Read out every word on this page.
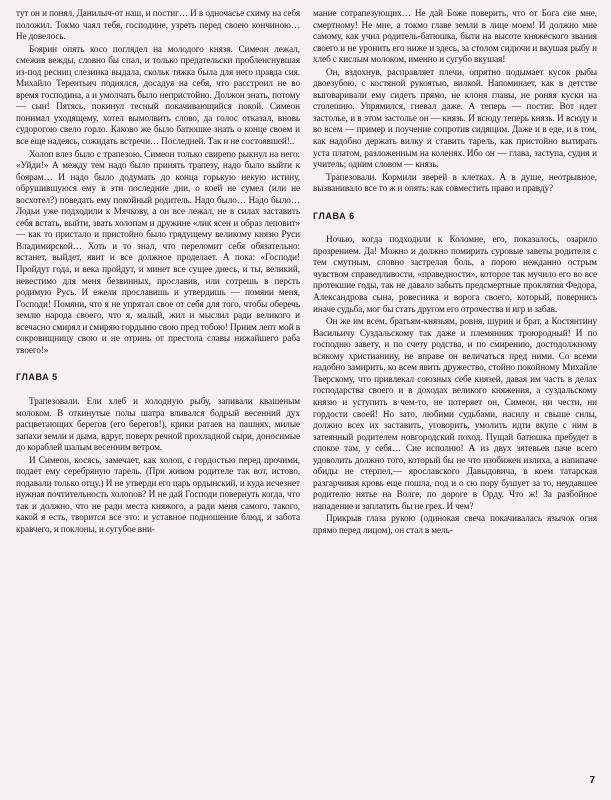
тут он и понял, Данилыч-от наш, и постиг… И в одночасье схиму на себя положил. Токмо чаял тебя, господине, узреть перед своею кончиною… Не довелось.

Боярин опять косо поглядел на молодого князя. Симеон лежал, смежив вежды, словно бы спал, и только предательски пробленснувшая из-под ресниц слезинка выдала, скольк тяжка была для него правда сия. Михайло Терентьич поднялся, досадуя на себя, что расстроил не во время господина, а и умолчать было непристойно. Должон знать, потому — сын! Пятясь, покинул тесный покачивающийся покой. Симеон понимал уходящему, хотел вымолвить слово, да голос отказал, вновь судорогою свело горло. Каково же было батюшке знать о конце своем и все еще надеясь, сожидать встречи… Последней. Так и не состоявшей!..

Холоп влез было с трапезою. Симеон только свирепо рыкнул на него: «Уйди!» А между тем надо было принять трапезу, надо было выйти к боярам… И надо было додумать до конца горькую некую истину, обрушившуюся ему в эти последние дни, о коей не сумел (или не восхотел?) поведать ему покойный родитель. Надо было… Надо было… Лодьи уже подходили к Мячкову, а он все лежал, не в силах заставить себя встать, выйти, звать холопам и дружине «лик ясен и образ леповит» — как то пристало и пристойно было грядущему великому князю Руси Владимирской… Хоть и то знал, что переломит себя обязательно: встанет, выйдет, явит и все должное проделает. А пока: «Господи! Пройдут года, и века пройдут, и минет все сущее днесь, и ты, великий, невестимо для меня безвинных, прославив, или сотрешь в персть родимую Русь. И ежели прославишь и утвердишь — помяни меня, Господи! Помяни, что я не упрятал свое от себя для того, чтобы оберечь землю народа своего, что я, малый, жил и мыслил ради великого и всечасно смирял и смиряю гордыню свою пред тобою! Приим лепт мой в сокровищницу свою и не отринь от престола славы нижайшего раба твоего!»

ГЛАВА 5

Трапезовали. Ели хлеб и холодную рыбу, запивали квашеным молоком. В откинутые полы шатра вливался бодрый весенний дух расцветающих берегов (его берегов!), крики ратаев на пашнях, милые запахи земли и дыма, вдруг, поверх речной прохладной сыри, доносимые до кораблей шалым весенним ветром.

И Симеон, косясь, замечает, как холоп, с гордостью перед прочими, подает ему серебряную тарель. (При живом родителе так вот, истово, подавали только отцу.) И не утверди его царь ордынский, и куда исчезнет нужная почтительность холопов? И не дай Господи повернуть когда, что так и должно, что не ради места княжого, а ради меня самого, такого, какой я есть, творится все это: и уставное подношение блюд, и забота кравчего, и поклоны, и сугубое вни-

мание сотрапезующих… Не дай Боже поверить, что от Бога сие мне, смертному! Не мне, а токмо главе земли в лице моем! И должно мне самому, как учил родитель-батюшка, быти на высоте княжеского звания своего и не уронить его ниже и здесь, за столом сидючи и вкушая рыбу и хлеб с кислым молоком, именно и сугубо вкушая!

Он, вздохнув, расправляет плечи, опрятно подымает кусок рыбы двоезубою, с костяной рукоятью, вилкой. Напоминает, как в детстве выговаривали ему сидеть прямо, не клоня главы, не роняя куски на столешню. Упрямился, гневал даже. А теперь — постиг. Вот идет застолье, и в этом застолье он — князь. И всюду теперь князь. И всюду и во всем — пример и поучение сопротив сидящим. Даже и в еде, и в том, как надобно держать вилку и ставить тарель, как пристойно вытирать уста платом, разложенным на коленях. Ибо он — глава, заступа, судия и учитель; одним словом — князь.

Трапезовали. Кормили зверей в клетках. А в душе, неотрывное, вызванивало все то ж и опять: как совместить право и правду?

ГЛАВА 6

Ночью, когда подходили к Коломне, его, показалось, озарило прозрением. Да! Можно и должно помирить суровые заветы родителя с тем смутным, словно застрелая боль, а порою нежданно острым чувством справедливости, «праведности», которое так мучило его во все протекшие годы, так не давало забыть предсмертные проклятия Федора, Александрова сына, ровесника и ворога своего, который, повернись иначе судьба, мог бы стать другом его отрочества и игр и забав.

Он же им всем, братьям-князьям, ровня, шурин и брат, а Костянтину Васильичу Суздальскому так даже и племянник троюродный! И по господню завету, и по счету родства, и по смирению, достодолжному всякому христианину, не вправе он величаться пред ними. Со всеми надобно замирить, ко всем явить дружество, стойно покойному Михайле Тверскому, что привлекал союзных себе князей, давая им часть в делах господарства своего и в доходах великого княжения, а суздальскому князю и уступить в·чем-то, не потеряет он, Симеон, ни чести, ни гордости своей! Но зато, любими судьбами, насилу и свыше силы, должно всех их заставить, уговорить, умолить идти вкупе с ним в затеянный родителем новгородский поход. Пущай батюшка пребудет в спокое там, у себя… Сие исполню! А из двух зятевьев паче всего удоволить должно того, который бы не что изобижен излиха, а напипаче обиды не стерпел,— ярославского Давыдовича, в коем татарская разгарчивая кровь еще пошла, под и о сю пору бушует за то, неудавшее родителю нятье на Волге, по дороге в Орду. Что ж! За разбойное нападение и заплатить бы не грех. И чем?

Прикрыв глаза рукою (одинокая свеча покачивалась язычок огня прямо перед лицом), он стал в мель-

7
